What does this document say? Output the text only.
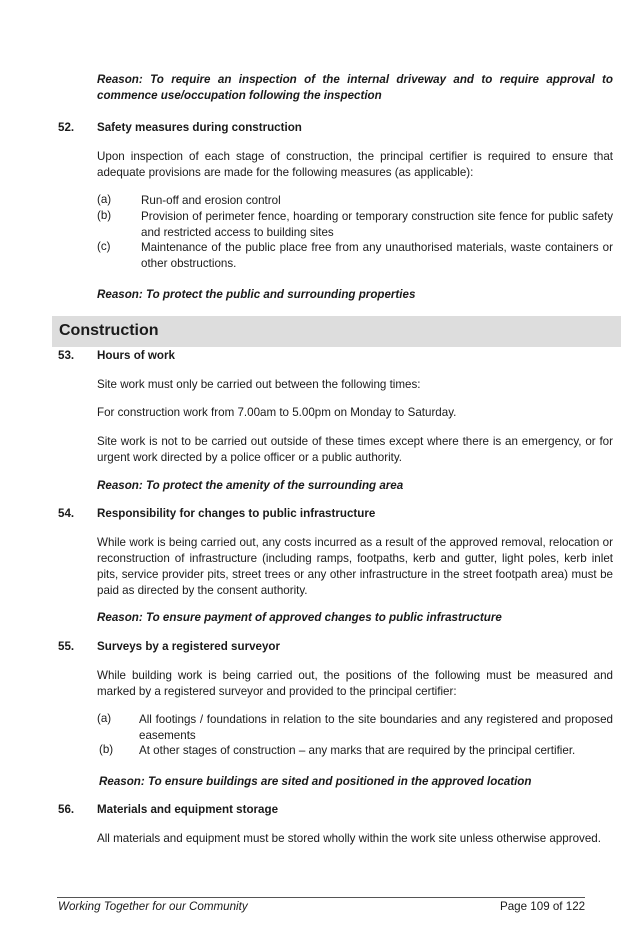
Reason: To require an inspection of the internal driveway and to require approval to commence use/occupation following the inspection
52. Safety measures during construction
Upon inspection of each stage of construction, the principal certifier is required to ensure that adequate provisions are made for the following measures (as applicable):
(a)	Run-off and erosion control
(b)	Provision of perimeter fence, hoarding or temporary construction site fence for public safety and restricted access to building sites
(c)	Maintenance of the public place free from any unauthorised materials, waste containers or other obstructions.
Reason: To protect the public and surrounding properties
Construction
53. Hours of work
Site work must only be carried out between the following times:
For construction work from 7.00am to 5.00pm on Monday to Saturday.
Site work is not to be carried out outside of these times except where there is an emergency, or for urgent work directed by a police officer or a public authority.
Reason: To protect the amenity of the surrounding area
54. Responsibility for changes to public infrastructure
While work is being carried out, any costs incurred as a result of the approved removal, relocation or reconstruction of infrastructure (including ramps, footpaths, kerb and gutter, light poles, kerb inlet pits, service provider pits, street trees or any other infrastructure in the street footpath area) must be paid as directed by the consent authority.
Reason: To ensure payment of approved changes to public infrastructure
55. Surveys by a registered surveyor
While building work is being carried out, the positions of the following must be measured and marked by a registered surveyor and provided to the principal certifier:
(a) All footings / foundations in relation to the site boundaries and any registered and proposed easements
(b) At other stages of construction – any marks that are required by the principal certifier.
Reason: To ensure buildings are sited and positioned in the approved location
56. Materials and equipment storage
All materials and equipment must be stored wholly within the work site unless otherwise approved.
Working Together for our Community	Page 109 of 122
